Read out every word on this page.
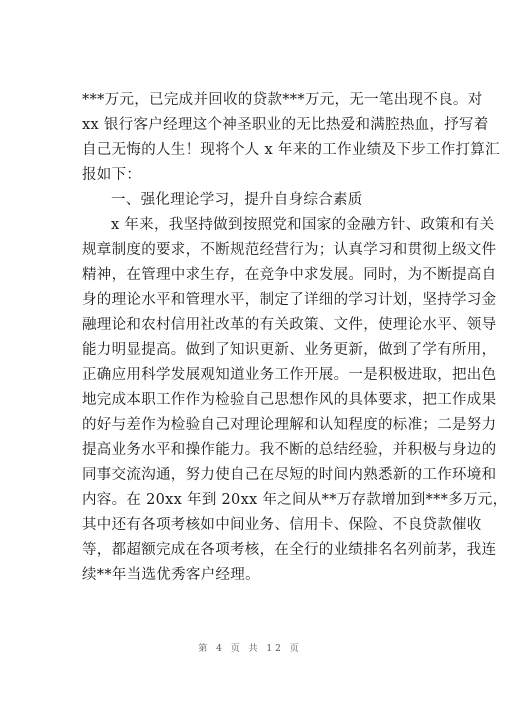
***万元，已完成并回收的贷款***万元，无一笔出现不良。对
xx 银行客户经理这个神圣职业的无比热爱和满腔热血，抒写着
自己无悔的人生！现将个人 x 年来的工作业绩及下步工作打算汇
报如下：
一、强化理论学习，提升自身综合素质
x 年来，我坚持做到按照党和国家的金融方针、政策和有关
规章制度的要求，不断规范经营行为；认真学习和贯彻上级文件
精神，在管理中求生存，在竞争中求发展。同时，为不断提高自
身的理论水平和管理水平，制定了详细的学习计划，坚持学习金
融理论和农村信用社改革的有关政策、文件，使理论水平、领导
能力明显提高。做到了知识更新、业务更新，做到了学有所用，
正确应用科学发展观知道业务工作开展。一是积极进取，把出色
地完成本职工作作为检验自己思想作风的具体要求，把工作成果
的好与差作为检验自己对理论理解和认知程度的标准；二是努力
提高业务水平和操作能力。我不断的总结经验，并积极与身边的
同事交流沟通，努力使自己在尽短的时间内熟悉新的工作环境和
内容。在 20xx 年到 20xx 年之间从**万存款增加到***多万元，
其中还有各项考核如中间业务、信用卡、保险、不良贷款催收
等，都超额完成在各项考核，在全行的业绩排名名列前茅，我连
续**年当选优秀客户经理。
第 4 页 共 12 页
